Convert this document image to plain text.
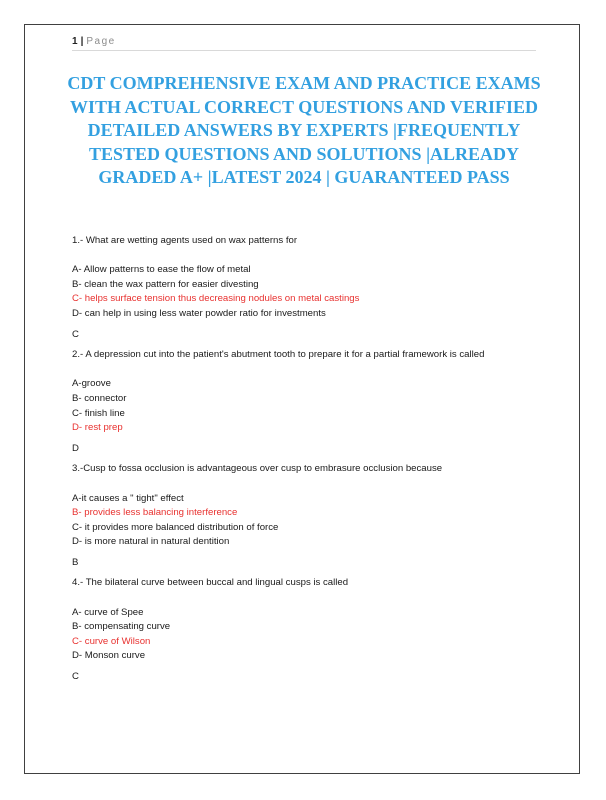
1 | Page
CDT COMPREHENSIVE EXAM AND PRACTICE EXAMS WITH ACTUAL CORRECT QUESTIONS AND VERIFIED DETAILED ANSWERS BY EXPERTS |FREQUENTLY TESTED QUESTIONS AND SOLUTIONS |ALREADY GRADED A+ |LATEST 2024 | GUARANTEED PASS

1.- What are wetting agents used on wax patterns for

A- Allow patterns to ease the flow of metal

B- clean the wax pattern for easier divesting

C- helps surface tension thus decreasing nodules on metal castings

D- can help in using less water powder ratio for investments

C

2.- A depression cut into the patient's abutment tooth to prepare it for a partial framework is called

A-groove

B- connector

C- finish line

D- rest prep

D

3.-Cusp to fossa occlusion is advantageous over cusp to embrasure occlusion because

A-it causes a " tight" effect

B- provides less balancing interference

C- it provides more balanced distribution of force

D- is more natural in natural dentition

B

4.- The bilateral curve between buccal and lingual cusps is called

A- curve of Spee

B- compensating curve

C- curve of Wilson

D- Monson curve

C
